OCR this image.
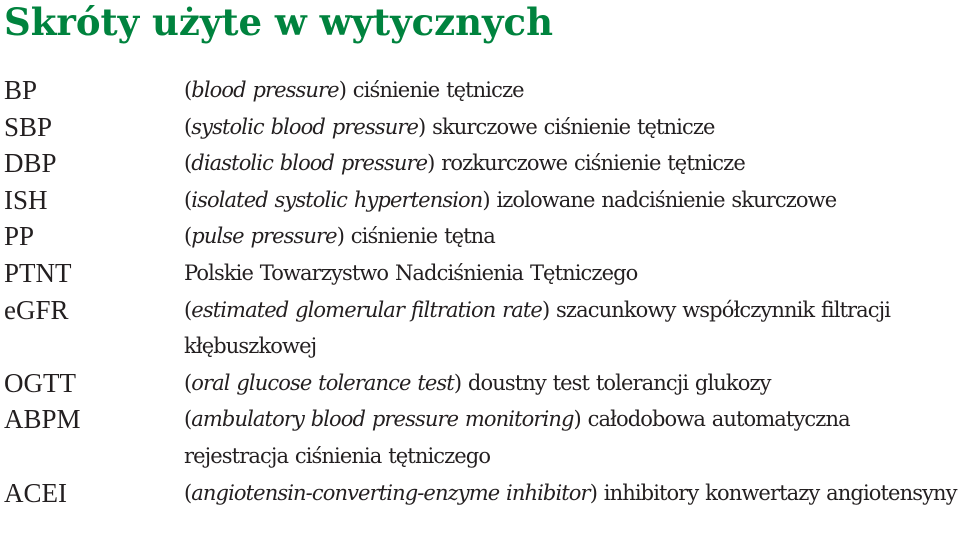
Skróty użyte w wytycznych
BP	(blood pressure) ciśnienie tętnicze
SBP	(systolic blood pressure) skurczowe ciśnienie tętnicze
DBP	(diastolic blood pressure) rozkurczowe ciśnienie tętnicze
ISH	(isolated systolic hypertension) izolowane nadciśnienie skurczowe
PP	(pulse pressure) ciśnienie tętna
PTNT	Polskie Towarzystwo Nadciśnienia Tętniczego
eGFR	(estimated glomerular filtration rate) szacunkowy współczynnik filtracji kłębuszkowej
OGTT	(oral glucose tolerance test) doustny test tolerancji glukozy
ABPM	(ambulatory blood pressure monitoring) całodobowa automatyczna rejestracja ciśnienia tętniczego
ACEI	(angiotensin-converting-enzyme inhibitor) inhibitory konwertazy angiotensyny
